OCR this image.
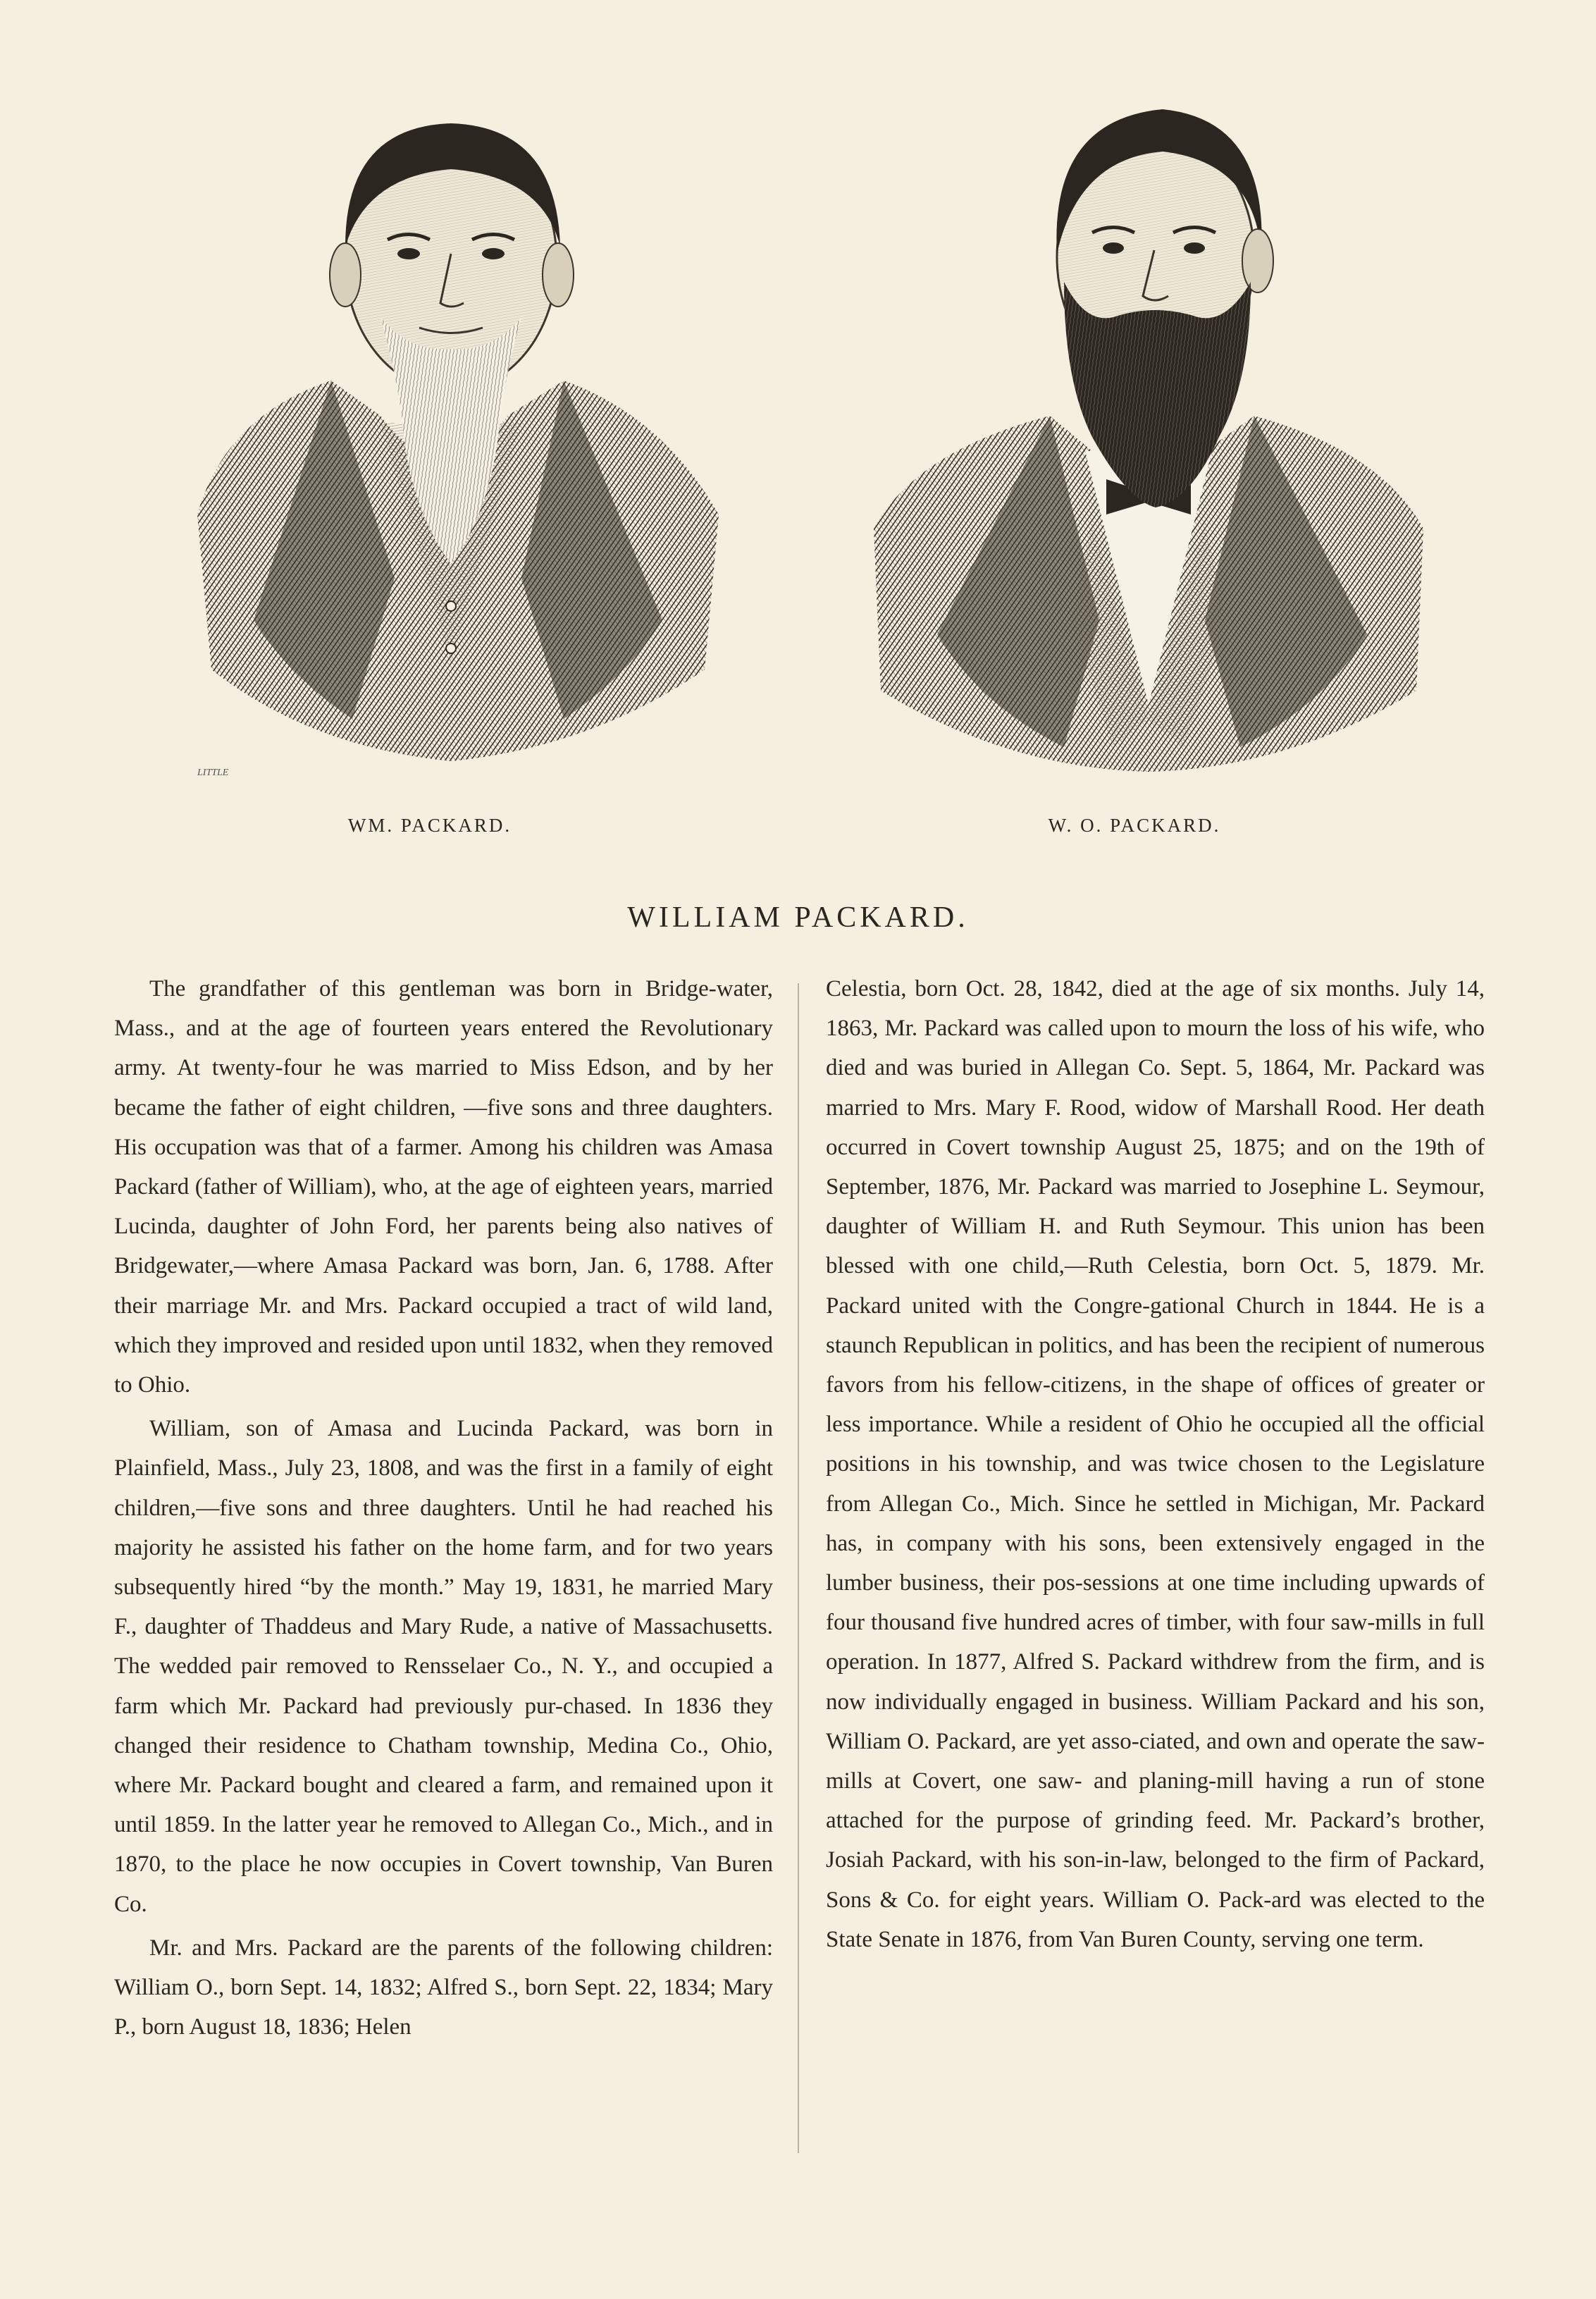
LITTLE
WM. PACKARD.	W. O. PACKARD.
WILLIAM PACKARD.

The grandfather of this gentleman was born in Bridge-water, Mass., and at the age of fourteen years entered the Revolutionary army. At twenty-four he was married to Miss Edson, and by her became the father of eight children, —five sons and three daughters. His occupation was that of a farmer. Among his children was Amasa Packard (father of William), who, at the age of eighteen years, married Lucinda, daughter of John Ford, her parents being also natives of Bridgewater,—where Amasa Packard was born, Jan. 6, 1788. After their marriage Mr. and Mrs. Packard occupied a tract of wild land, which they improved and resided upon until 1832, when they removed to Ohio.

William, son of Amasa and Lucinda Packard, was born in Plainfield, Mass., July 23, 1808, and was the first in a family of eight children,—five sons and three daughters. Until he had reached his majority he assisted his father on the home farm, and for two years subsequently hired “by the month.” May 19, 1831, he married Mary F., daughter of Thaddeus and Mary Rude, a native of Massachusetts. The wedded pair removed to Rensselaer Co., N. Y., and occupied a farm which Mr. Packard had previously pur-chased. In 1836 they changed their residence to Chatham township, Medina Co., Ohio, where Mr. Packard bought and cleared a farm, and remained upon it until 1859. In the latter year he removed to Allegan Co., Mich., and in 1870, to the place he now occupies in Covert township, Van Buren Co.

Mr. and Mrs. Packard are the parents of the following children: William O., born Sept. 14, 1832; Alfred S., born Sept. 22, 1834; Mary P., born August 18, 1836; Helen

Celestia, born Oct. 28, 1842, died at the age of six months. July 14, 1863, Mr. Packard was called upon to mourn the loss of his wife, who died and was buried in Allegan Co. Sept. 5, 1864, Mr. Packard was married to Mrs. Mary F. Rood, widow of Marshall Rood. Her death occurred in Covert township August 25, 1875; and on the 19th of September, 1876, Mr. Packard was married to Josephine L. Seymour, daughter of William H. and Ruth Seymour. This union has been blessed with one child,—Ruth Celestia, born Oct. 5, 1879. Mr. Packard united with the Congre-gational Church in 1844. He is a staunch Republican in politics, and has been the recipient of numerous favors from his fellow-citizens, in the shape of offices of greater or less importance. While a resident of Ohio he occupied all the official positions in his township, and was twice chosen to the Legislature from Allegan Co., Mich. Since he settled in Michigan, Mr. Packard has, in company with his sons, been extensively engaged in the lumber business, their pos-sessions at one time including upwards of four thousand five hundred acres of timber, with four saw-mills in full operation. In 1877, Alfred S. Packard withdrew from the firm, and is now individually engaged in business. William Packard and his son, William O. Packard, are yet asso-ciated, and own and operate the saw-mills at Covert, one saw- and planing-mill having a run of stone attached for the purpose of grinding feed. Mr. Packard’s brother, Josiah Packard, with his son-in-law, belonged to the firm of Packard, Sons & Co. for eight years. William O. Pack-ard was elected to the State Senate in 1876, from Van Buren County, serving one term.
